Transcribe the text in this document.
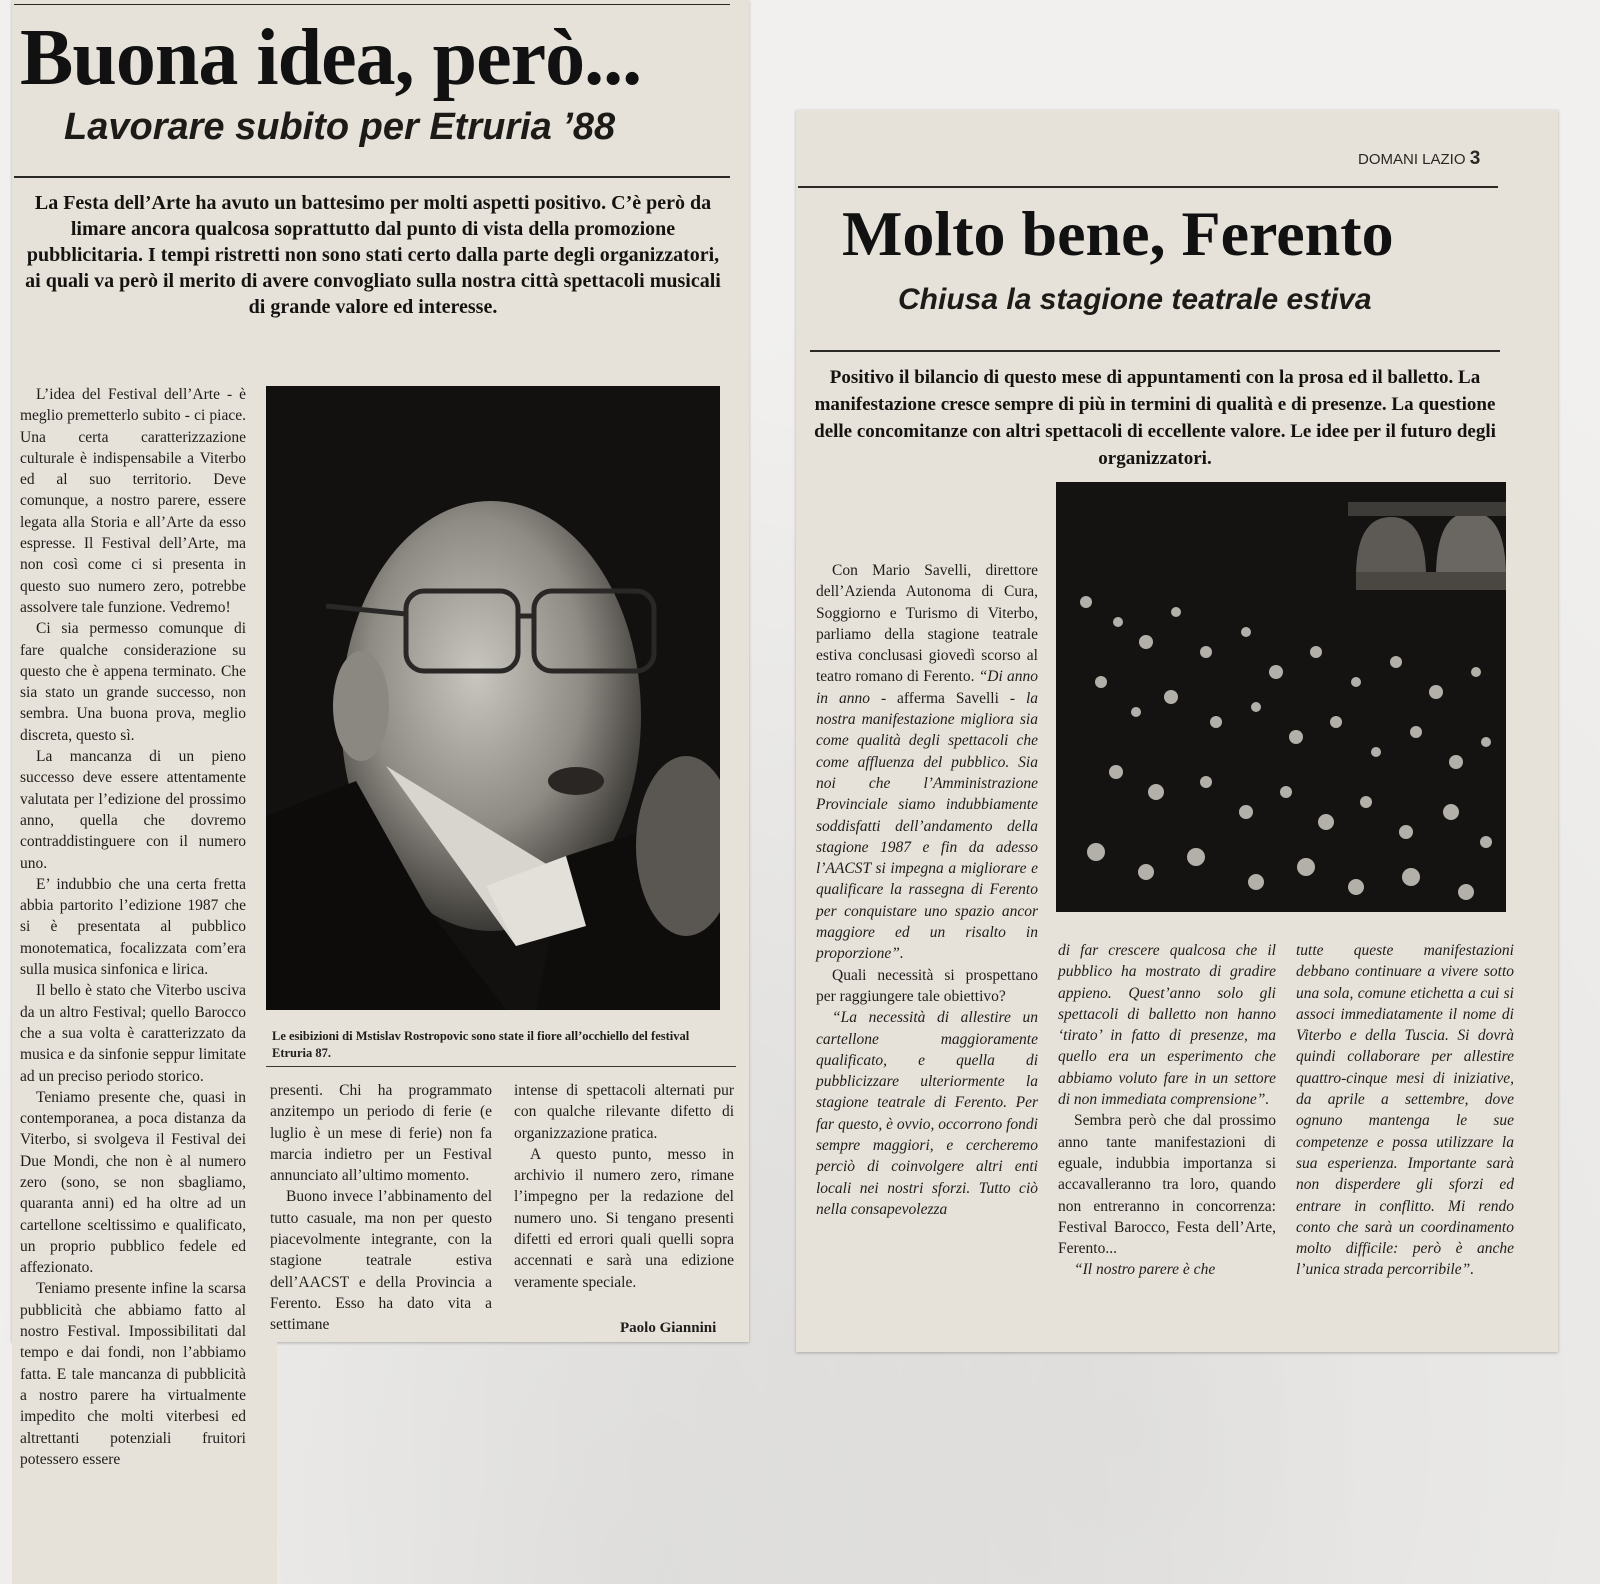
Buona idea, però...
Lavorare subito per Etruria ’88

La Festa dell’Arte ha avuto un battesimo per molti aspetti positivo. C’è però da limare ancora qualcosa soprattutto dal punto di vista della promozione pubblicitaria. I tempi ristretti non sono stati certo dalla parte degli organizzatori, ai quali va però il merito di avere convogliato sulla nostra città spettacoli musicali di grande valore ed interesse.

L’idea del Festival dell’Arte - è meglio premetterlo subito - ci piace. Una certa caratterizzazione culturale è indispensabile a Viterbo ed al suo territorio. Deve comunque, a nostro parere, essere legata alla Storia e all’Arte da esso espresse. Il Festival dell’Arte, ma non così come ci si presenta in questo suo numero zero, potrebbe assolvere tale funzione. Vedremo!

Ci sia permesso comunque di fare qualche considerazione su questo che è appena terminato. Che sia stato un grande successo, non sembra. Una buona prova, meglio discreta, questo sì.

La mancanza di un pieno successo deve essere attentamente valutata per l’edizione del prossimo anno, quella che dovremo contraddistinguere con il numero uno.

E’ indubbio che una certa fretta abbia partorito l’edizione 1987 che si è presentata al pubblico monotematica, focalizzata com’era sulla musica sinfonica e lirica.

Il bello è stato che Viterbo usciva da un altro Festival; quello Barocco che a sua volta è caratterizzato da musica e da sinfonie seppur limitate ad un preciso periodo storico.

Teniamo presente che, quasi in contemporanea, a poca distanza da Viterbo, si svolgeva il Festival dei Due Mondi, che non è al numero zero (sono, se non sbagliamo, quaranta anni) ed ha oltre ad un cartellone sceltissimo e qualificato, un proprio pubblico fedele ed affezionato.

Teniamo presente infine la scarsa pubblicità che abbiamo fatto al nostro Festival. Impossibilitati dal tempo e dai fondi, non l’abbiamo fatta. E tale mancanza di pubblicità a nostro parere ha virtualmente impedito che molti viterbesi ed altrettanti potenziali fruitori potessero essere

Le esibizioni di Mstislav Rostropovic sono state il fiore all’occhiello del festival Etruria 87.

presenti. Chi ha programmato anzitempo un periodo di ferie (e luglio è un mese di ferie) non fa marcia indietro per un Festival annunciato all’ultimo momento.

Buono invece l’abbinamento del tutto casuale, ma non per questo piacevolmente integrante, con la stagione teatrale estiva dell’AACST e della Provincia a Ferento. Esso ha dato vita a settimane

intense di spettacoli alternati pur con qualche rilevante difetto di organizzazione pratica.

A questo punto, messo in archivio il numero zero, rimane l’impegno per la redazione del numero uno. Si tengano presenti difetti ed errori quali quelli sopra accennati e sarà una edizione veramente speciale.

Paolo Giannini

DOMANI LAZIO 3

Molto bene, Ferento
Chiusa la stagione teatrale estiva

Positivo il bilancio di questo mese di appuntamenti con la prosa ed il balletto. La manifestazione cresce sempre di più in termini di qualità e di presenze. La questione delle concomitanze con altri spettacoli di eccellente valore. Le idee per il futuro degli organizzatori.

Con Mario Savelli, direttore dell’Azienda Autonoma di Cura, Soggiorno e Turismo di Viterbo, parliamo della stagione teatrale estiva conclusasi giovedì scorso al teatro romano di Ferento. “Di anno in anno - afferma Savelli - la nostra manifestazione migliora sia come qualità degli spettacoli che come affluenza del pubblico. Sia noi che l’Amministrazione Provinciale siamo indubbiamente soddisfatti dell’andamento della stagione 1987 e fin da adesso l’AACST si impegna a migliorare e qualificare la rassegna di Ferento per conquistare uno spazio ancor maggiore ed un risalto in proporzione”.

Quali necessità si prospettano per raggiungere tale obiettivo?

“La necessità di allestire un cartellone maggioramente qualificato, e quella di pubblicizzare ulteriormente la stagione teatrale di Ferento. Per far questo, è ovvio, occorrono fondi sempre maggiori, e cercheremo perciò di coinvolgere altri enti locali nei nostri sforzi. Tutto ciò nella consapevolezza

di far crescere qualcosa che il pubblico ha mostrato di gradire appieno. Quest’anno solo gli spettacoli di balletto non hanno ‘tirato’ in fatto di presenze, ma quello era un esperimento che abbiamo voluto fare in un settore di non immediata comprensione”.

Sembra però che dal prossimo anno tante manifestazioni di eguale, indubbia importanza si accavalleranno tra loro, quando non entreranno in concorrenza: Festival Barocco, Festa dell’Arte, Ferento...

“Il nostro parere è che

tutte queste manifestazioni debbano continuare a vivere sotto una sola, comune etichetta a cui si associ immediatamente il nome di Viterbo e della Tuscia. Si dovrà quindi collaborare per allestire quattro-cinque mesi di iniziative, da aprile a settembre, dove ognuno mantenga le sue competenze e possa utilizzare la sua esperienza. Importante sarà non disperdere gli sforzi ed entrare in conflitto. Mi rendo conto che sarà un coordinamento molto difficile: però è anche l’unica strada percorribile”.
